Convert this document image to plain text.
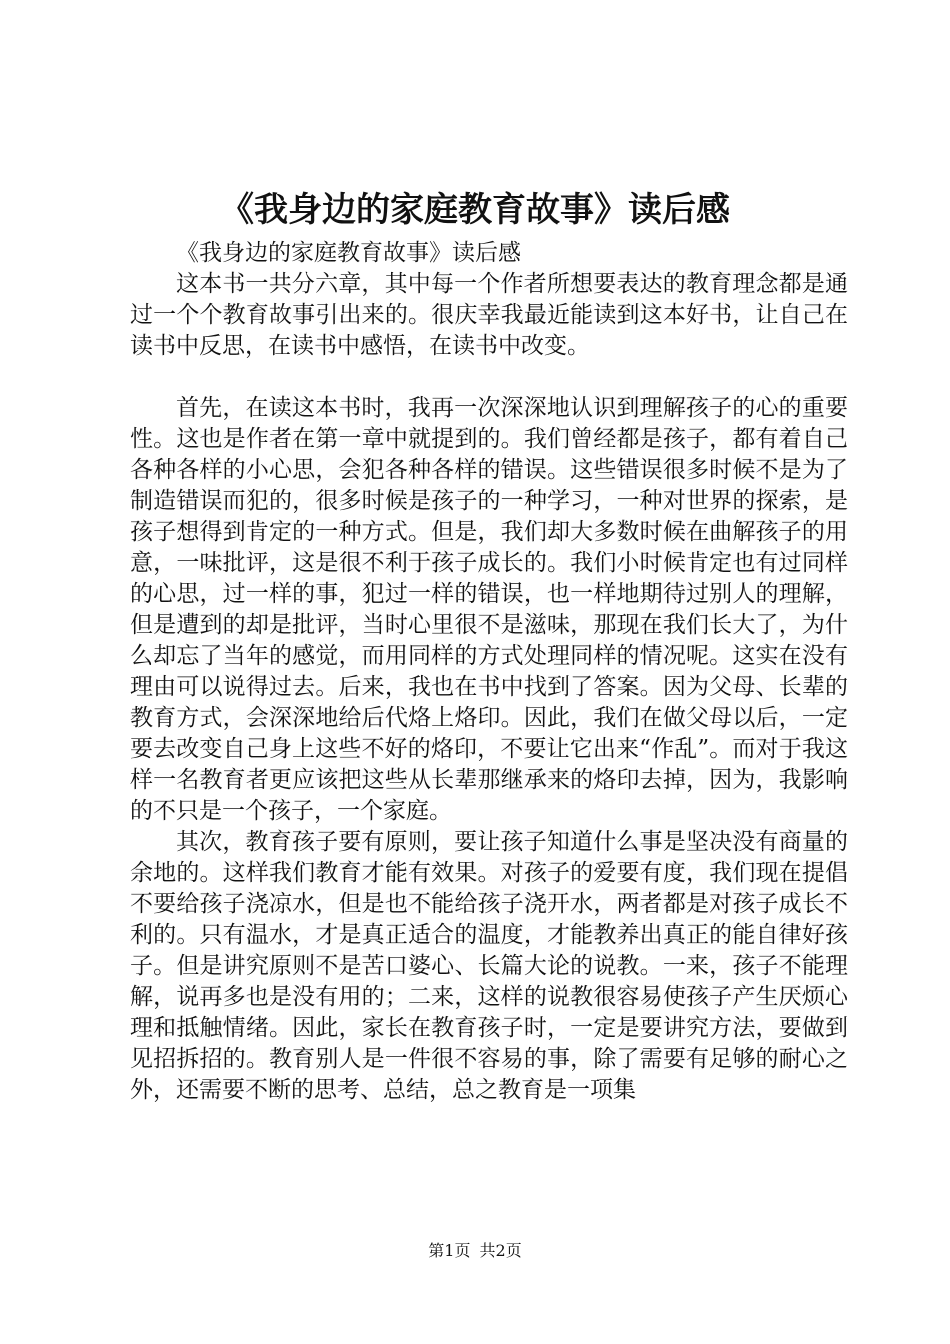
《我身边的家庭教育故事》读后感

《我身边的家庭教育故事》读后感

这本书一共分六章，其中每一个作者所想要表达的教育理念都是通过一个个教育故事引出来的。很庆幸我最近能读到这本好书，让自己在读书中反思，在读书中感悟，在读书中改变。

首先，在读这本书时，我再一次深深地认识到理解孩子的心的重要性。这也是作者在第一章中就提到的。我们曾经都是孩子，都有着自己各种各样的小心思，会犯各种各样的错误。这些错误很多时候不是为了制造错误而犯的，很多时候是孩子的一种学习，一种对世界的探索，是孩子想得到肯定的一种方式。但是，我们却大多数时候在曲解孩子的用意，一味批评，这是很不利于孩子成长的。我们小时候肯定也有过同样的心思，过一样的事，犯过一样的错误，也一样地期待过别人的理解，但是遭到的却是批评，当时心里很不是滋味，那现在我们长大了，为什么却忘了当年的感觉，而用同样的方式处理同样的情况呢。这实在没有理由可以说得过去。后来，我也在书中找到了答案。因为父母、长辈的教育方式，会深深地给后代烙上烙印。因此，我们在做父母以后，一定要去改变自己身上这些不好的烙印，不要让它出来“作乱”。而对于我这样一名教育者更应该把这些从长辈那继承来的烙印去掉，因为，我影响的不只是一个孩子，一个家庭。

其次，教育孩子要有原则，要让孩子知道什么事是坚决没有商量的余地的。这样我们教育才能有效果。对孩子的爱要有度，我们现在提倡不要给孩子浇凉水，但是也不能给孩子浇开水，两者都是对孩子成长不利的。只有温水，才是真正适合的温度，才能教养出真正的能自律好孩子。但是讲究原则不是苦口婆心、长篇大论的说教。一来，孩子不能理解，说再多也是没有用的；二来，这样的说教很容易使孩子产生厌烦心理和抵触情绪。因此，家长在教育孩子时，一定是要讲究方法，要做到见招拆招的。教育别人是一件很不容易的事，除了需要有足够的耐心之外，还需要不断的思考、总结，总之教育是一项集

第1页 共2页
